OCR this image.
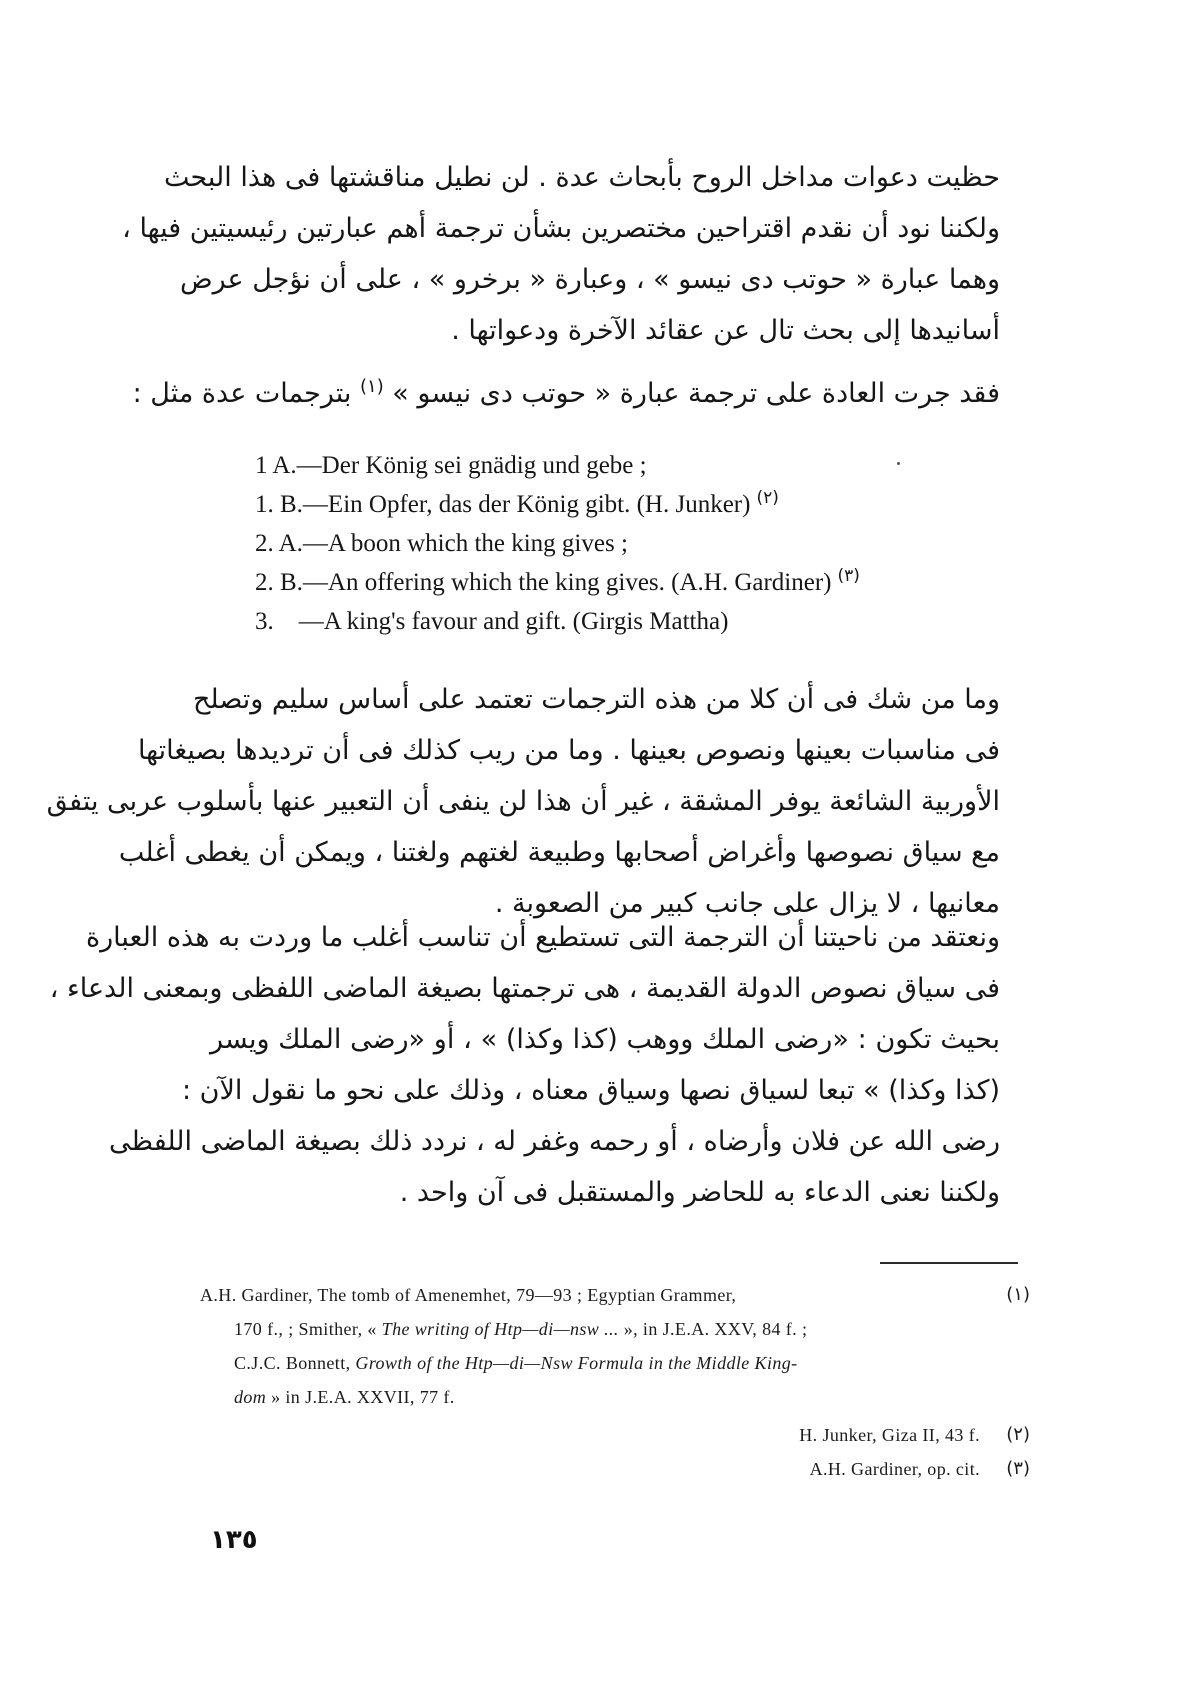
حظيت دعوات مداخل الروح بأبحاث عدة . لن نطيل مناقشتها فى هذا البحث
ولكننا نود أن نقدم اقتراحين مختصرين بشأن ترجمة أهم عبارتين رئيسيتين فيها ،
وهما عبارة « حوتب دى نيسو » ، وعبارة « برخرو » ، على أن نؤجل عرض
أسانيدها إلى بحث تال عن عقائد الآخرة ودعواتها .
فقد جرت العادة على ترجمة عبارة « حوتب دى نيسو » $^{(١)}$ بترجمات عدة مثل :
1 A.—Der König sei gnädig und gebe ;
1. B.—Ein Opfer, das der König gibt. (H. Junker) $^{(٢)}$
2. A.—A boon which the king gives ;
2. B.—An offering which the king gives. (A.H. Gardiner) $^{(٣)}$
3.    —A king's favour and gift. (Girgis Mattha)
وما من شك فى أن كلا من هذه الترجمات تعتمد على أساس سليم وتصلح
فى مناسبات بعينها ونصوص بعينها . وما من ريب كذلك فى أن ترديدها بصيغاتها
الأوربية الشائعة يوفر المشقة ، غير أن هذا لن ينفى أن التعبير عنها بأسلوب عربى يتفق
مع سياق نصوصها وأغراض أصحابها وطبيعة لغتهم ولغتنا ، ويمكن أن يغطى أغلب
معانيها ، لا يزال على جانب كبير من الصعوبة .
ونعتقد من ناحيتنا أن الترجمة التى تستطيع أن تناسب أغلب ما وردت به هذه العبارة
فى سياق نصوص الدولة القديمة ، هى ترجمتها بصيغة الماضى اللفظى وبمعنى الدعاء ،
بحيث تكون : «رضى الملك ووهب (كذا وكذا) » ، أو «رضى الملك ويسر
(كذا وكذا) » تبعا لسياق نصها وسياق معناه ، وذلك على نحو ما نقول الآن :
رضى الله عن فلان وأرضاه ، أو رحمه وغفر له ، نردد ذلك بصيغة الماضى اللفظى
ولكننا نعنى الدعاء به للحاضر والمستقبل فى آن واحد .
(١)
A.H. Gardiner, The tomb of Amenemhet, 79—93 ; Egyptian Grammer,
170 f., ; Smither, « The writing of Htp—di—nsw ... », in J.E.A. XXV, 84 f. ;
C.J.C. Bonnett, Growth of the Htp—di—Nsw Formula in the Middle King-
dom » in J.E.A. XXVII, 77 f.
(٢)
H. Junker, Giza II, 43 f.
(٣)
A.H. Gardiner, op. cit.
١٣٥
